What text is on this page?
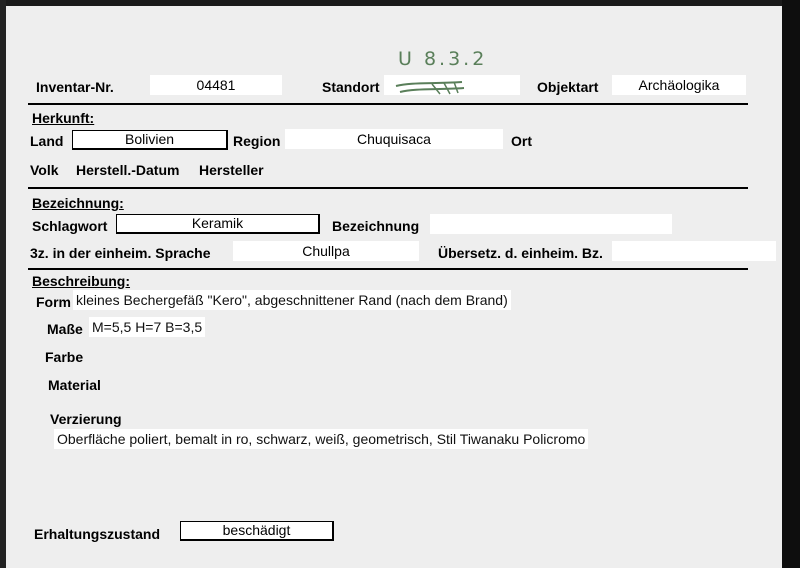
Inventar-Nr.	04481	Standort
U 8.3.2
Objektart	Archäologika
Herkunft:
Land	Bolivien	Region	Chuquisaca	Ort
Volk Herstell.-Datum Hersteller
Bezeichnung:
Schlagwort	Keramik	Bezeichnung
3z. in der einheim. Sprache	Chullpa	Übersetz. d. einheim. Bz.
Beschreibung:
Form kleines Bechergefäß "Kero", abgeschnittener Rand (nach dem Brand)
Maße M=5,5 H=7 B=3,5
Farbe
Material
Verzierung
Oberfläche poliert, bemalt in ro, schwarz, weiß, geometrisch, Stil Tiwanaku Policromo
Erhaltungszustand	beschädigt
